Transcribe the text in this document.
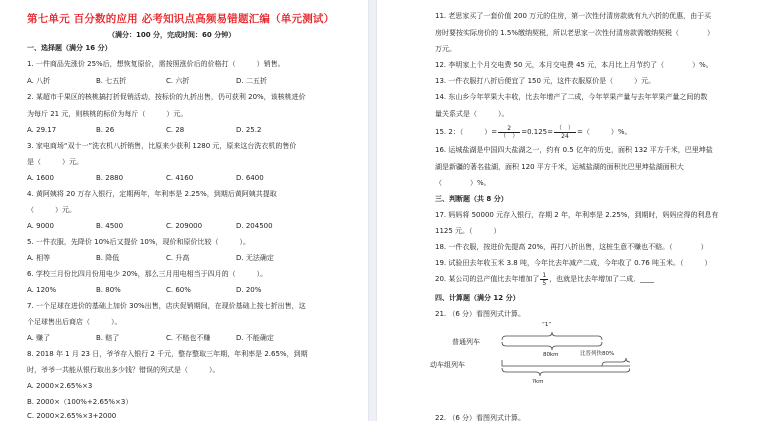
第七单元 百分数的应用 必考知识点高频易错题汇编（单元测试）
（满分：100 分，完成时间：60 分钟）
一、选择题（满分 16 分）
1. 一件商品先涨价 25%后，想恢复原价，需按照涨价后的价格打（　　　）销售。
A. 八折	B. 七五折	C. 六折	D. 二五折
2. 某超市千果区的核桃搞打折促销活动，按标价的九折出售，仍可获利 20%，该核桃进价
为每斤 21 元，则核桃的标价为每斤（　　　）元。
A. 29.17	B. 26	C. 28	D. 25.2
3. 家电商场“双十一”洗衣机八折销售，比原来少获利 1280 元，原来这台洗衣机的售价
是（　　　）元。
A. 1600	B. 2880	C. 4160	D. 6400
4. 黄阿姨将 20 万存入银行，定期两年，年利率是 2.25%，到期后黄阿姨共提取
（　　　）元。
A. 9000	B. 4500	C. 209000	D. 204500
5. 一件衣服，先降价 10%后又提价 10%，现价和原价比较（　　　）。
A. 相等	B. 降低	C. 升高	D. 无法确定
6. 学校三月份比四月份用电少 20%，那么三月用电相当于四月的（　　　）。
A. 120%	B. 80%	C. 60%	D. 20%
7. 一个足球在进价的基础上加价 30%出售，店庆促销期间，在现价基础上按七折出售，这
个足球售出后商店（　　　）。
A. 赚了	B. 赔了	C. 不赔也不赚	D. 不能确定
8. 2018 年 1 月 23 日，爷爷存入银行 2 千元，整存整取三年期，年利率是 2.65%，到期
时，爷爷一共能从银行取出多少钱？错误的列式是（　　　）。
A. 2000×2.65%×3
B. 2000×（100%+2.65%×3）
C. 2000×2.65%×3+2000
11. 老思家买了一套价值 200 万元的住房，第一次性付清房款就有九六折的优惠，由于买
房时要按实际房价的 1.5%缴纳契税，所以老思家一次性付清房款需缴纳契税（　　　　）
万元。
12. 李明家上个月交电费 50 元，本月交电费 45 元，本月比上月节约了（　　　　）%。
13. 一件衣服打八折后便宜了 150 元，这件衣服原价是（　　　）元。
14. 东山乡今年苹果大丰收，比去年增产了二成，今年苹果产量与去年苹果产量之间的数
量关系式是（　　　）。
15. 2：（　　　）= $\frac{2}{( )} =0.125= \frac{( )}{24}$ =（　　　）%。
16. 运城盐湖是中国四大盐湖之一，约有 0.5 亿年的历史，面积 132 平方千米，巴里坤盐
湖是新疆的著名盐湖，面积 120 平方千米，运城盐湖的面积比巴里坤盐湖面积大
（　　　　）%。
三、判断题（共 8 分）
17. 妈妈将 50000 元存入银行，存期 2 年，年利率是 2.25%，到期时，妈妈应得的利息有
1125 元。（　　　）
18. 一件衣服，按进价先提高 20%，再打八折出售，这桩生意不赚也不赔。（　　　　）
19. 试验田去年收玉米 3.8 吨，今年比去年减产二成，今年收了 0.76 吨玉米。（　　　）
20. 某公司的总产值比去年增加了 $\frac{1}{5}$ ，也就是比去年增加了二成．____
四、计算题（满分 12 分）
21. （6 分）看图列式计算。
22. （6 分）看图列式计算。
“1”
普通列车
80km
动车组列车
比普列快80%
?km
